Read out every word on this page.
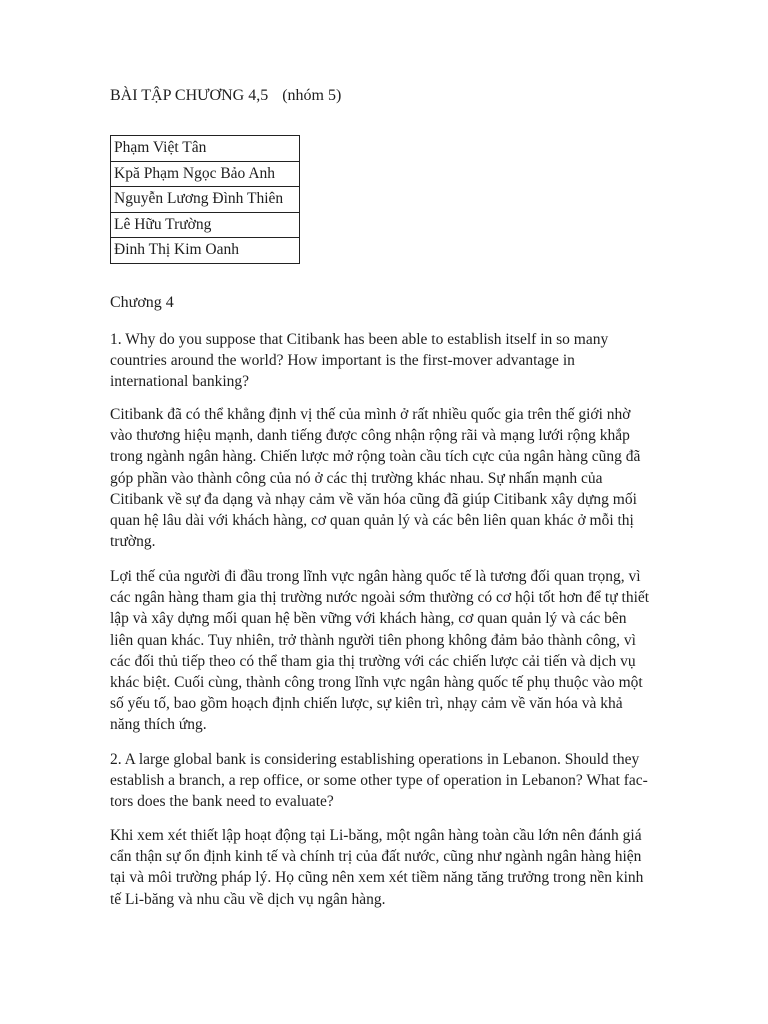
BÀI TẬP CHƯƠNG 4,5 (nhóm 5)
Phạm Việt Tân
Kpă Phạm Ngọc Bảo Anh
Nguyễn Lương Đình Thiên
Lê Hữu Trường
Đinh Thị Kim Oanh
Chương 4

1. Why do you suppose that Citibank has been able to establish itself in so many
countries around the world? How important is the first-mover advantage in
international banking?

Citibank đã có thể khẳng định vị thế của mình ở rất nhiều quốc gia trên thế giới nhờ
vào thương hiệu mạnh, danh tiếng được công nhận rộng rãi và mạng lưới rộng khắp
trong ngành ngân hàng. Chiến lược mở rộng toàn cầu tích cực của ngân hàng cũng đã
góp phần vào thành công của nó ở các thị trường khác nhau. Sự nhấn mạnh của
Citibank về sự đa dạng và nhạy cảm về văn hóa cũng đã giúp Citibank xây dựng mối
quan hệ lâu dài với khách hàng, cơ quan quản lý và các bên liên quan khác ở mỗi thị
trường.

Lợi thế của người đi đầu trong lĩnh vực ngân hàng quốc tế là tương đối quan trọng, vì
các ngân hàng tham gia thị trường nước ngoài sớm thường có cơ hội tốt hơn để tự thiết
lập và xây dựng mối quan hệ bền vững với khách hàng, cơ quan quản lý và các bên
liên quan khác. Tuy nhiên, trở thành người tiên phong không đảm bảo thành công, vì
các đối thủ tiếp theo có thể tham gia thị trường với các chiến lược cải tiến và dịch vụ
khác biệt. Cuối cùng, thành công trong lĩnh vực ngân hàng quốc tế phụ thuộc vào một
số yếu tố, bao gồm hoạch định chiến lược, sự kiên trì, nhạy cảm về văn hóa và khả
năng thích ứng.

2. A large global bank is considering establishing operations in Lebanon. Should they
establish a branch, a rep office, or some other type of operation in Lebanon? What fac-
tors does the bank need to evaluate?

Khi xem xét thiết lập hoạt động tại Li-băng, một ngân hàng toàn cầu lớn nên đánh giá
cẩn thận sự ổn định kinh tế và chính trị của đất nước, cũng như ngành ngân hàng hiện
tại và môi trường pháp lý. Họ cũng nên xem xét tiềm năng tăng trưởng trong nền kinh
tế Li-băng và nhu cầu về dịch vụ ngân hàng.
